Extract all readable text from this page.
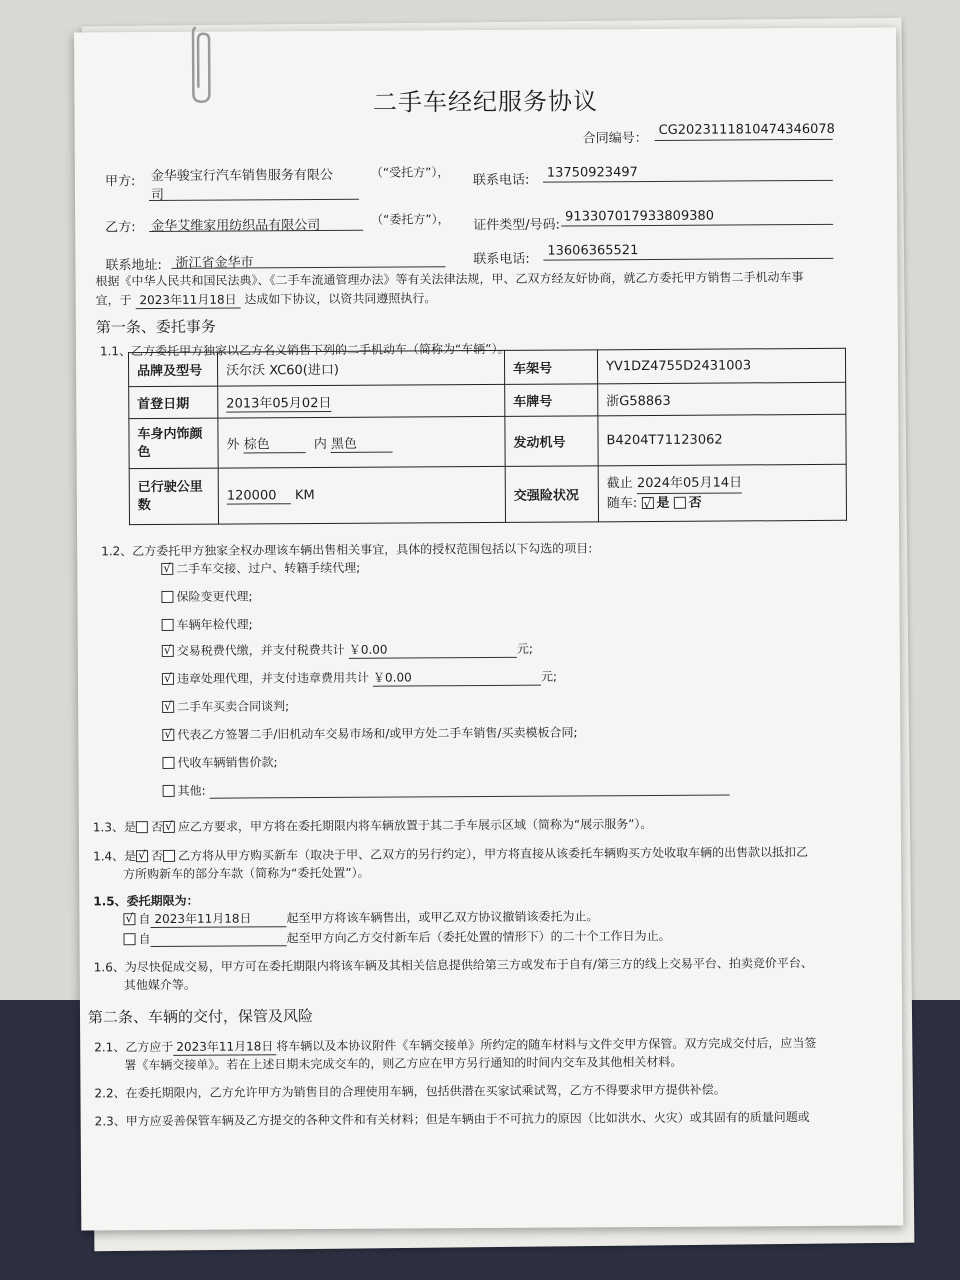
二手车经纪服务协议
合同编号：
CG20231118104743460​78
甲方: 金华骏宝行汽车销售服务有限公
司
（“受托方”），
联系电话: 13750923497
乙方: 金华艾维家用纺织品有限公司	（“委托方”）， 证件类型/号码:
913307017933809380
联系地址: 浙江省金华市	联系电话:
13606365521
根据《中华人民共和国民法典》、《二手车流通管理办法》等有关法律法规，甲、乙双方经友好协商，就乙方委托甲方销售二手机动车事
宜，于 2023年11月18日 达成如下协议，以资共同遵照执行。
第一条、委托事务
1.1、乙方委托甲方独家以乙方名义销售下列的二手机动车（简称为“车辆”）。
品牌及型号	沃尔沃 XC60(进口)	车架号	YV1DZ4755D2431003
首登日期	2013年05月02日	车牌号	浙G58863
车身内饰颜色	外 棕色 内 黑色	发动机号	B4204T71123062
已行驶公里数	120000 KM	交强险状况	截止 2024年05月14日
随车: √ 是 否
1.2、乙方委托甲方独家全权办理该车辆出售相关事宜，具体的授权范围包括以下勾选的项目:
√二手车交接、过户、转籍手续代理;
保险变更代理;
车辆年检代理;
√交易税费代缴，并支付税费共计 ￥0.00	元;
√违章处理代理，并支付违章费用共计 ￥0.00	元;
√二手车买卖合同谈判;
√代表乙方签署二手/旧机动车交易市场和/或甲方处二手车销售/买卖模板合同;
代收车辆销售价款;
其他:
1.3、是 否 √ 应乙方要求，甲方将在委托期限内将车辆放置于其二手车展示区域（简称为“展示服务”）。
1.4、是 √ 否 乙方将从甲方购买新车（取决于甲、乙双方的另行约定），甲方将直接从该委托车辆购买方处收取车辆的出售款以抵扣乙
方所购新车的部分车款（简称为“委托处置”）。
1.5、委托期限为：
√自 2023年11月18日	起至甲方将该车辆售出，或甲乙双方协议撤销该委托为止。
自	起至甲方向乙方交付新车后（委托处置的情形下）的二十个工作日为止。
1.6、为尽快促成交易，甲方可在委托期限内将该车辆及其相关信息提供给第三方或发布于自有/第三方的线上交易平台、拍卖竞价平台、
其他媒介等。
第二条、车辆的交付，保管及风险
2.1、乙方应于 2023年11月18日 将车辆以及本协议附件《车辆交接单》所约定的随车材料与文件交甲方保管。双方完成交付后，应当签
署《车辆交接单》。若在上述日期未完成交车的，则乙方应在甲方另行通知的时间内交车及其他相关材料。
2.2、在委托期限内，乙方允许甲方为销售目的合理使用车辆，包括供潜在买家试乘试驾，乙方不得要求甲方提供补偿。
2.3、甲方应妥善保管车辆及乙方提交的各种文件和有关材料；但是车辆由于不可抗力的原因（比如洪水、火灾）或其固有的质量问题或
